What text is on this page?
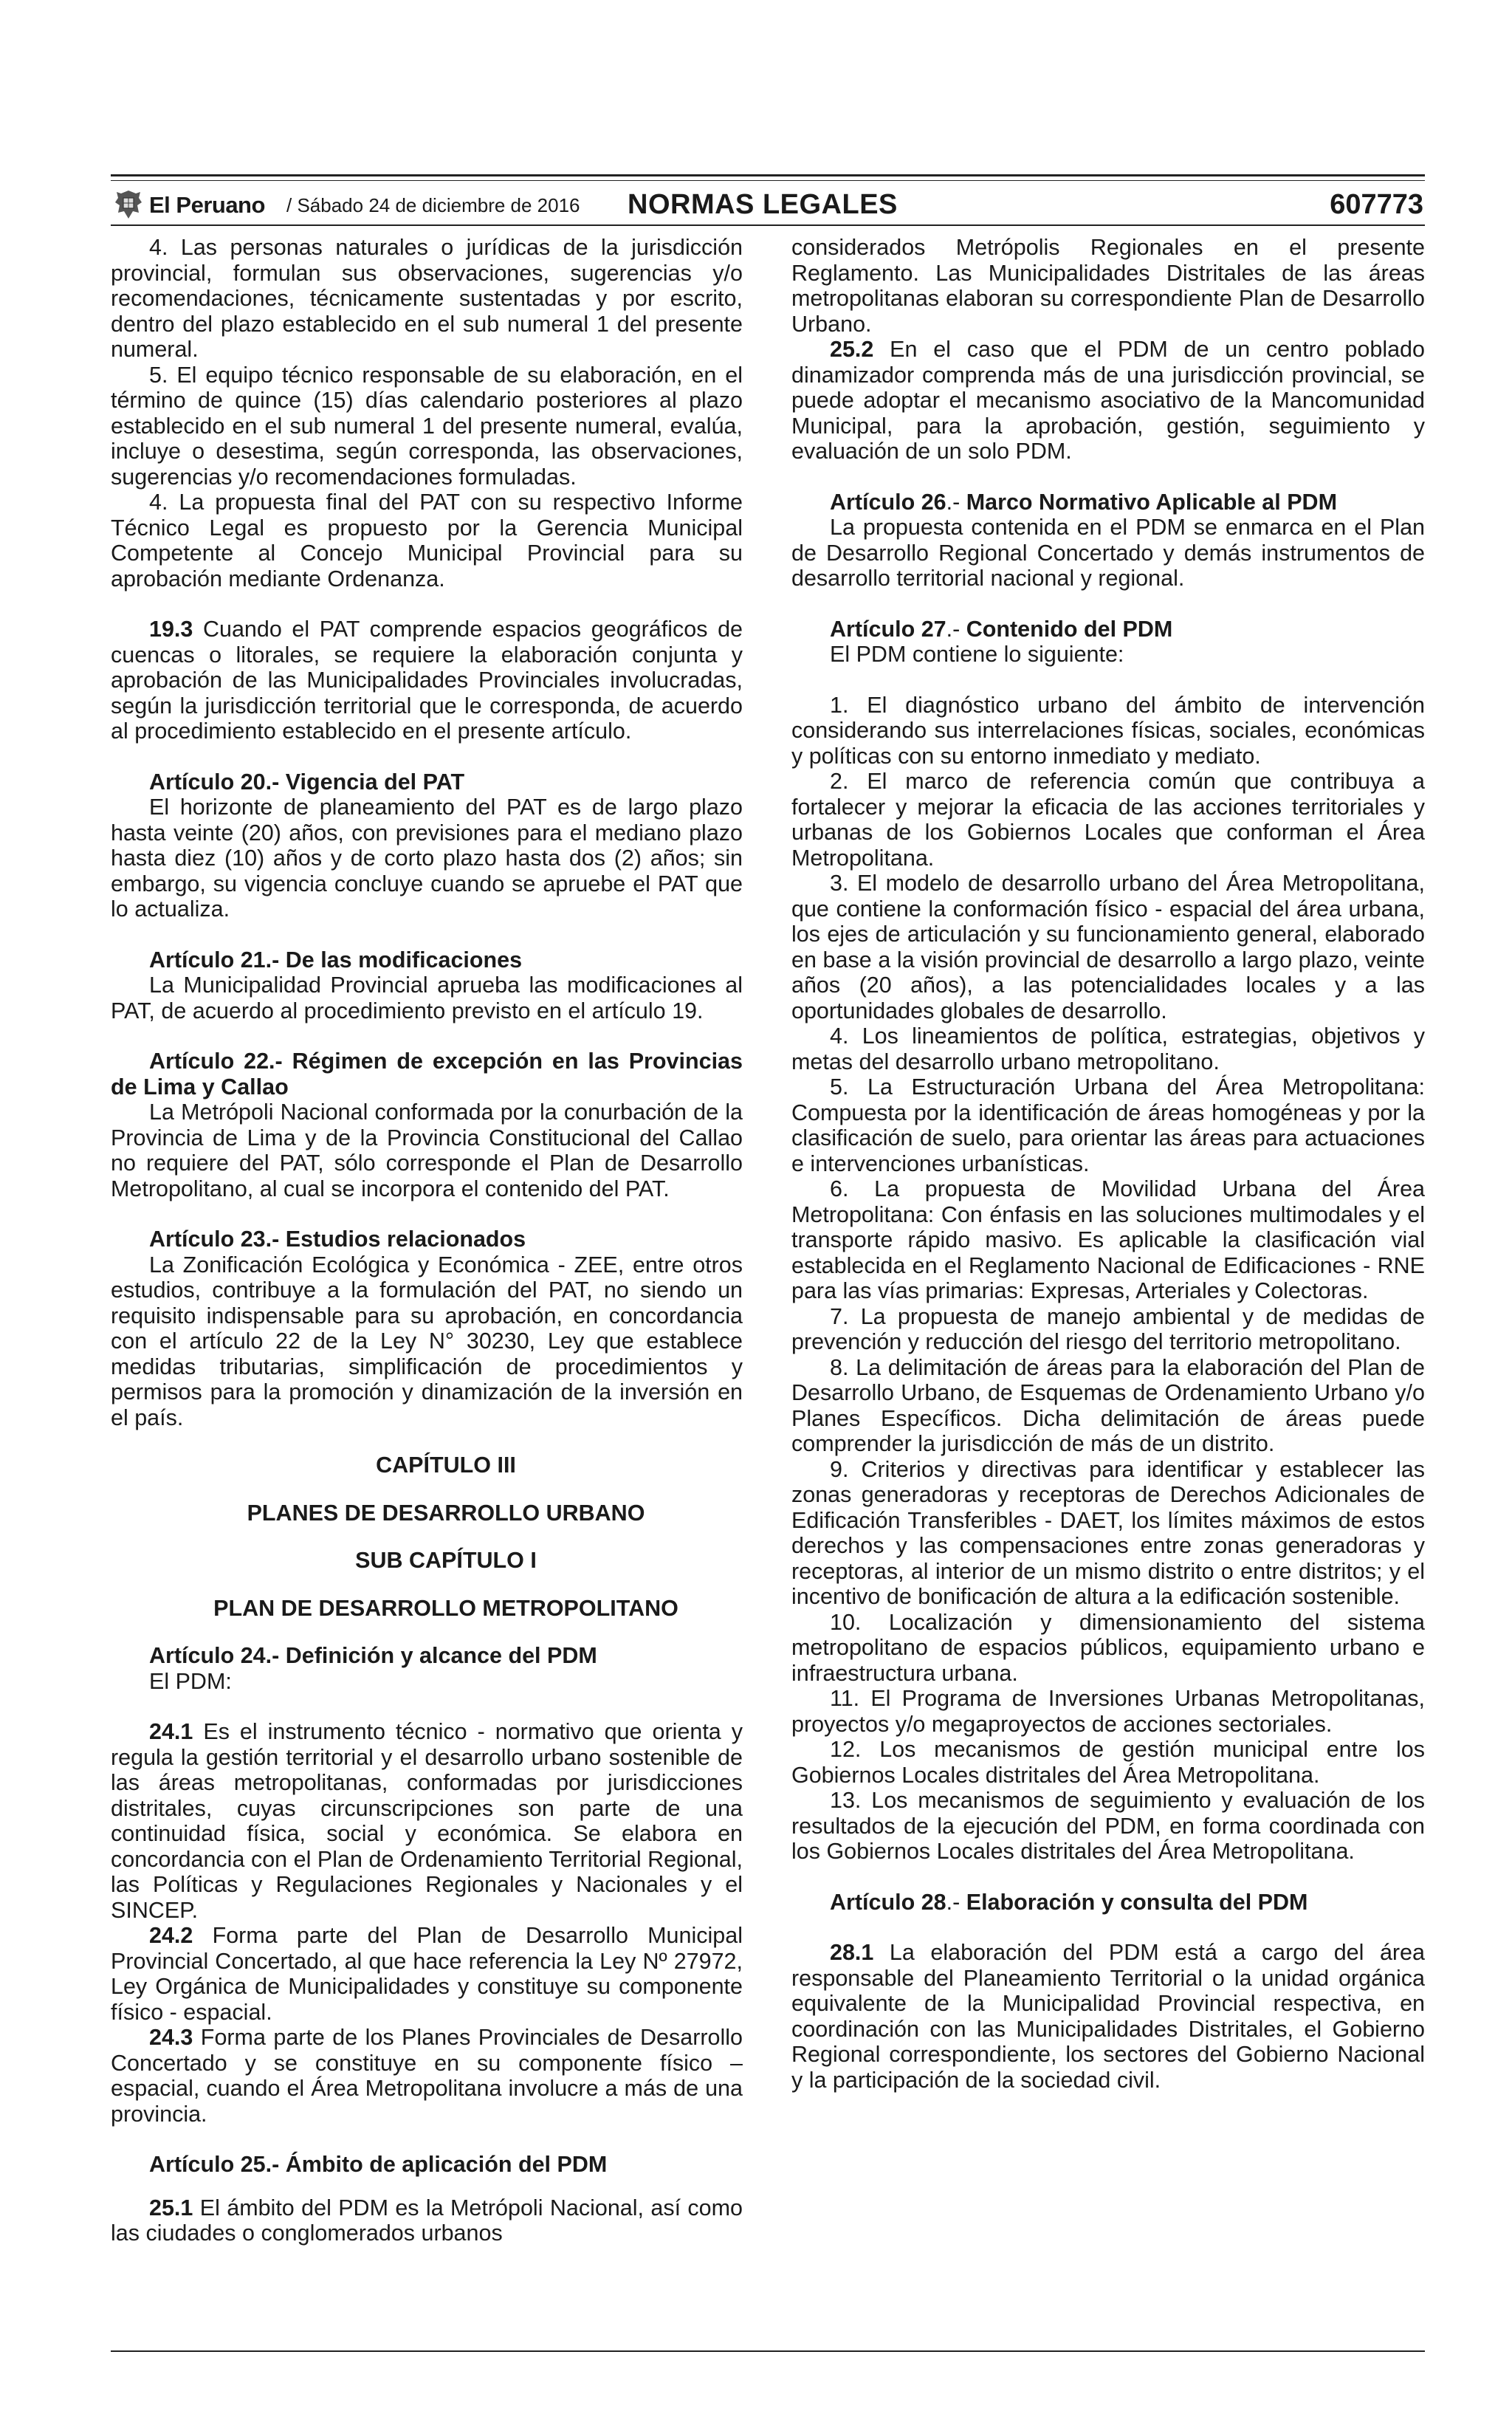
El Peruano / Sábado 24 de diciembre de 2016 NORMAS LEGALES	607773

4. Las personas naturales o jurídicas de la jurisdicción provincial, formulan sus observaciones, sugerencias y/o recomendaciones, técnicamente sustentadas y por escrito, dentro del plazo establecido en el sub numeral 1 del presente numeral.

5. El equipo técnico responsable de su elaboración, en el término de quince (15) días calendario posteriores al plazo establecido en el sub numeral 1 del presente numeral, evalúa, incluye o desestima, según corresponda, las observaciones, sugerencias y/o recomendaciones formuladas.

4. La propuesta final del PAT con su respectivo Informe Técnico Legal es propuesto por la Gerencia Municipal Competente al Concejo Municipal Provincial para su aprobación mediante Ordenanza.

19.3 Cuando el PAT comprende espacios geográficos de cuencas o litorales, se requiere la elaboración conjunta y aprobación de las Municipalidades Provinciales involucradas, según la jurisdicción territorial que le corresponda, de acuerdo al procedimiento establecido en el presente artículo.

Artículo 20.- Vigencia del PAT

El horizonte de planeamiento del PAT es de largo plazo hasta veinte (20) años, con previsiones para el mediano plazo hasta diez (10) años y de corto plazo hasta dos (2) años; sin embargo, su vigencia concluye cuando se apruebe el PAT que lo actualiza.

Artículo 21.- De las modificaciones

La Municipalidad Provincial aprueba las modificaciones al PAT, de acuerdo al procedimiento previsto en el artículo 19.

Artículo 22.- Régimen de excepción en las Provincias de Lima y Callao

La Metrópoli Nacional conformada por la conurbación de la Provincia de Lima y de la Provincia Constitucional del Callao no requiere del PAT, sólo corresponde el Plan de Desarrollo Metropolitano, al cual se incorpora el contenido del PAT.

Artículo 23.- Estudios relacionados

La Zonificación Ecológica y Económica - ZEE, entre otros estudios, contribuye a la formulación del PAT, no siendo un requisito indispensable para su aprobación, en concordancia con el artículo 22 de la Ley N° 30230, Ley que establece medidas tributarias, simplificación de procedimientos y permisos para la promoción y dinamización de la inversión en el país.

CAPÍTULO III

PLANES DE DESARROLLO URBANO

SUB CAPÍTULO I

PLAN DE DESARROLLO METROPOLITANO

Artículo 24.- Definición y alcance del PDM

El PDM:

24.1 Es el instrumento técnico - normativo que orienta y regula la gestión territorial y el desarrollo urbano sostenible de las áreas metropolitanas, conformadas por jurisdicciones distritales, cuyas circunscripciones son parte de una continuidad física, social y económica. Se elabora en concordancia con el Plan de Ordenamiento Territorial Regional, las Políticas y Regulaciones Regionales y Nacionales y el SINCEP.

24.2 Forma parte del Plan de Desarrollo Municipal Provincial Concertado, al que hace referencia la Ley Nº 27972, Ley Orgánica de Municipalidades y constituye su componente físico - espacial.

24.3 Forma parte de los Planes Provinciales de Desarrollo Concertado y se constituye en su componente físico – espacial, cuando el Área Metropolitana involucre a más de una provincia.

Artículo 25.- Ámbito de aplicación del PDM

25.1 El ámbito del PDM es la Metrópoli Nacional, así como las ciudades o conglomerados urbanos

considerados Metrópolis Regionales en el presente Reglamento. Las Municipalidades Distritales de las áreas metropolitanas elaboran su correspondiente Plan de Desarrollo Urbano.

25.2 En el caso que el PDM de un centro poblado dinamizador comprenda más de una jurisdicción provincial, se puede adoptar el mecanismo asociativo de la Mancomunidad Municipal, para la aprobación, gestión, seguimiento y evaluación de un solo PDM.

Artículo 26.- Marco Normativo Aplicable al PDM

La propuesta contenida en el PDM se enmarca en el Plan de Desarrollo Regional Concertado y demás instrumentos de desarrollo territorial nacional y regional.

Artículo 27.- Contenido del PDM

El PDM contiene lo siguiente:

1. El diagnóstico urbano del ámbito de intervención considerando sus interrelaciones físicas, sociales, económicas y políticas con su entorno inmediato y mediato.

2. El marco de referencia común que contribuya a fortalecer y mejorar la eficacia de las acciones territoriales y urbanas de los Gobiernos Locales que conforman el Área Metropolitana.

3. El modelo de desarrollo urbano del Área Metropolitana, que contiene la conformación físico - espacial del área urbana, los ejes de articulación y su funcionamiento general, elaborado en base a la visión provincial de desarrollo a largo plazo, veinte años (20 años), a las potencialidades locales y a las oportunidades globales de desarrollo.

4. Los lineamientos de política, estrategias, objetivos y metas del desarrollo urbano metropolitano.

5. La Estructuración Urbana del Área Metropolitana: Compuesta por la identificación de áreas homogéneas y por la clasificación de suelo, para orientar las áreas para actuaciones e intervenciones urbanísticas.

6. La propuesta de Movilidad Urbana del Área Metropolitana: Con énfasis en las soluciones multimodales y el transporte rápido masivo. Es aplicable la clasificación vial establecida en el Reglamento Nacional de Edificaciones - RNE para las vías primarias: Expresas, Arteriales y Colectoras.

7. La propuesta de manejo ambiental y de medidas de prevención y reducción del riesgo del territorio metropolitano.

8. La delimitación de áreas para la elaboración del Plan de Desarrollo Urbano, de Esquemas de Ordenamiento Urbano y/o Planes Específicos. Dicha delimitación de áreas puede comprender la jurisdicción de más de un distrito.

9. Criterios y directivas para identificar y establecer las zonas generadoras y receptoras de Derechos Adicionales de Edificación Transferibles - DAET, los límites máximos de estos derechos y las compensaciones entre zonas generadoras y receptoras, al interior de un mismo distrito o entre distritos; y el incentivo de bonificación de altura a la edificación sostenible.

10. Localización y dimensionamiento del sistema metropolitano de espacios públicos, equipamiento urbano e infraestructura urbana.

11. El Programa de Inversiones Urbanas Metropolitanas, proyectos y/o megaproyectos de acciones sectoriales.

12. Los mecanismos de gestión municipal entre los Gobiernos Locales distritales del Área Metropolitana.

13. Los mecanismos de seguimiento y evaluación de los resultados de la ejecución del PDM, en forma coordinada con los Gobiernos Locales distritales del Área Metropolitana.

Artículo 28.- Elaboración y consulta del PDM

28.1 La elaboración del PDM está a cargo del área responsable del Planeamiento Territorial o la unidad orgánica equivalente de la Municipalidad Provincial respectiva, en coordinación con las Municipalidades Distritales, el Gobierno Regional correspondiente, los sectores del Gobierno Nacional y la participación de la sociedad civil.
